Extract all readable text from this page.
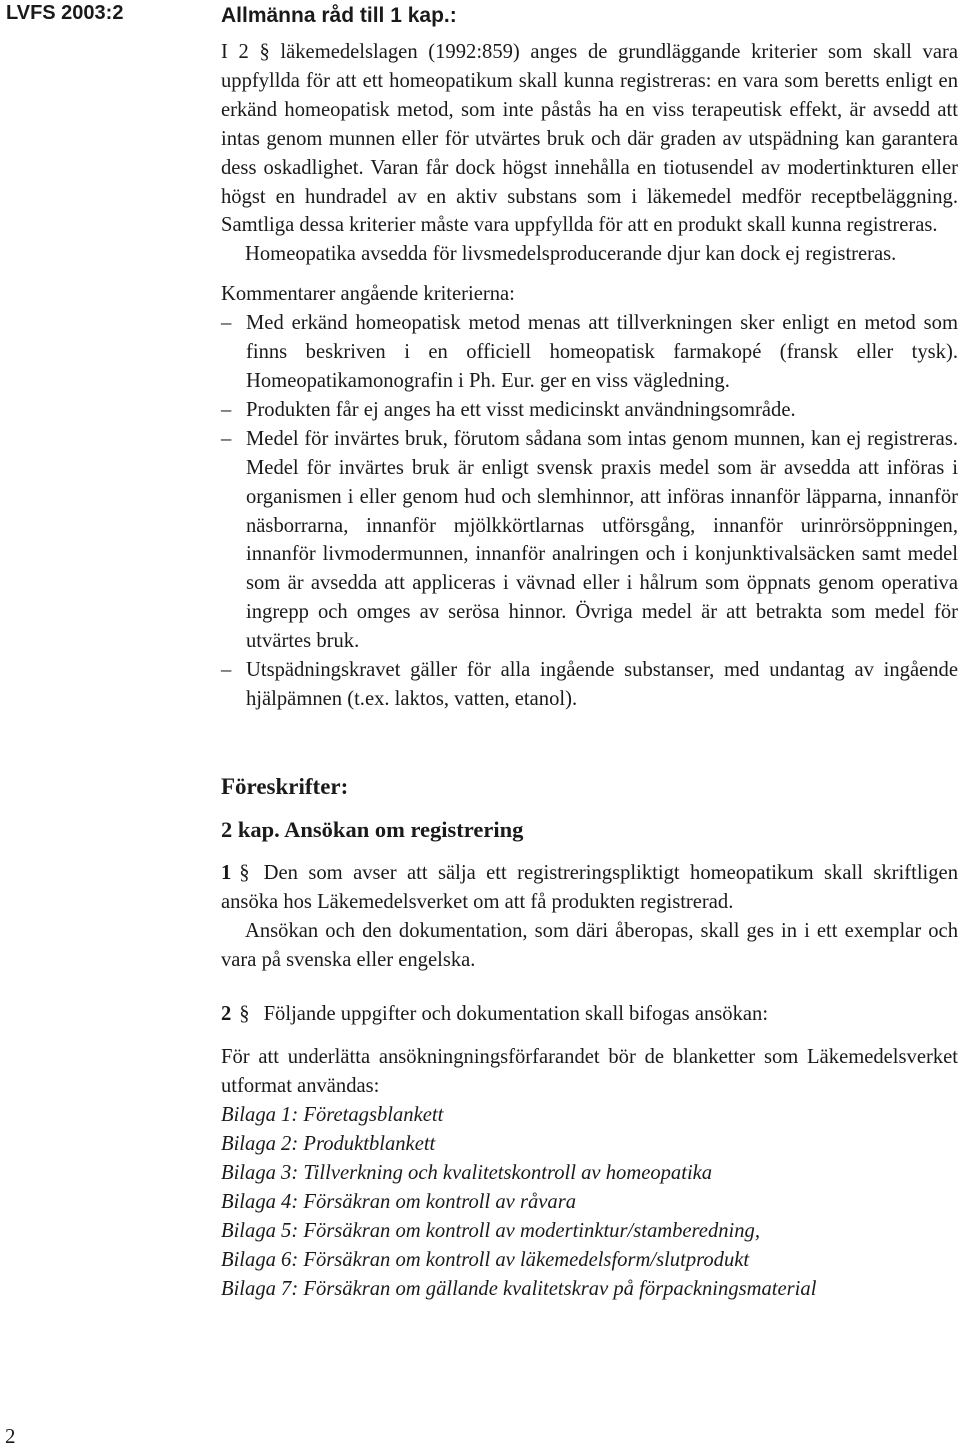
LVFS 2003:2	Allmänna råd till 1 kap.:

I 2 § läkemedelslagen (1992:859) anges de grundläggande kriterier som skall vara uppfyllda för att ett homeopatikum skall kunna registreras: en vara som beretts enligt en erkänd homeopatisk metod, som inte påstås ha en viss terapeutisk effekt, är avsedd att intas genom munnen eller för utvärtes bruk och där graden av utspädning kan garantera dess oskadlighet. Varan får dock högst innehålla en tiotusendel av modertinkturen eller högst en hundradel av en aktiv substans som i läkemedel medför receptbeläggning. Samtliga dessa kriterier måste vara uppfyllda för att en produkt skall kunna registreras.

Homeopatika avsedda för livsmedelsproducerande djur kan dock ej registreras.

Kommentarer angående kriterierna:

– Med erkänd homeopatisk metod menas att tillverkningen sker enligt en metod som finns beskriven i en officiell homeopatisk farmakopé (fransk eller tysk). Homeopatikamonografin i Ph. Eur. ger en viss vägledning.
– Produkten får ej anges ha ett visst medicinskt användningsområde.
– Medel för invärtes bruk, förutom sådana som intas genom munnen, kan ej registreras. Medel för invärtes bruk är enligt svensk praxis medel som är avsedda att införas i organismen i eller genom hud och slemhinnor, att införas innanför läpparna, innanför näsborrarna, innanför mjölkkörtlarnas utförsgång, innanför urinrörsöppningen, innanför livmodermunnen, innanför analringen och i konjunktivalsäcken samt medel som är avsedda att appliceras i vävnad eller i hålrum som öppnats genom operativa ingrepp och omges av serösa hinnor. Övriga medel är att betrakta som medel för utvärtes bruk.
– Utspädningskravet gäller för alla ingående substanser, med undantag av ingående hjälpämnen (t.ex. laktos, vatten, etanol).
Föreskrifter:
2 kap. Ansökan om registrering

1 § Den som avser att sälja ett registreringspliktigt homeopatikum skall skriftligen ansöka hos Läkemedelsverket om att få produkten registrerad.

Ansökan och den dokumentation, som däri åberopas, skall ges in i ett exemplar och vara på svenska eller engelska.

2 § Följande uppgifter och dokumentation skall bifogas ansökan:

För att underlätta ansökningningsförfarandet bör de blanketter som Läkemedelsverket utformat användas:

Bilaga 1: Företagsblankett
Bilaga 2: Produktblankett
Bilaga 3: Tillverkning och kvalitetskontroll av homeopatika
Bilaga 4: Försäkran om kontroll av råvara
Bilaga 5: Försäkran om kontroll av modertinktur/stamberedning,
Bilaga 6: Försäkran om kontroll av läkemedelsform/slutprodukt
Bilaga 7: Försäkran om gällande kvalitetskrav på förpackningsmaterial
2
